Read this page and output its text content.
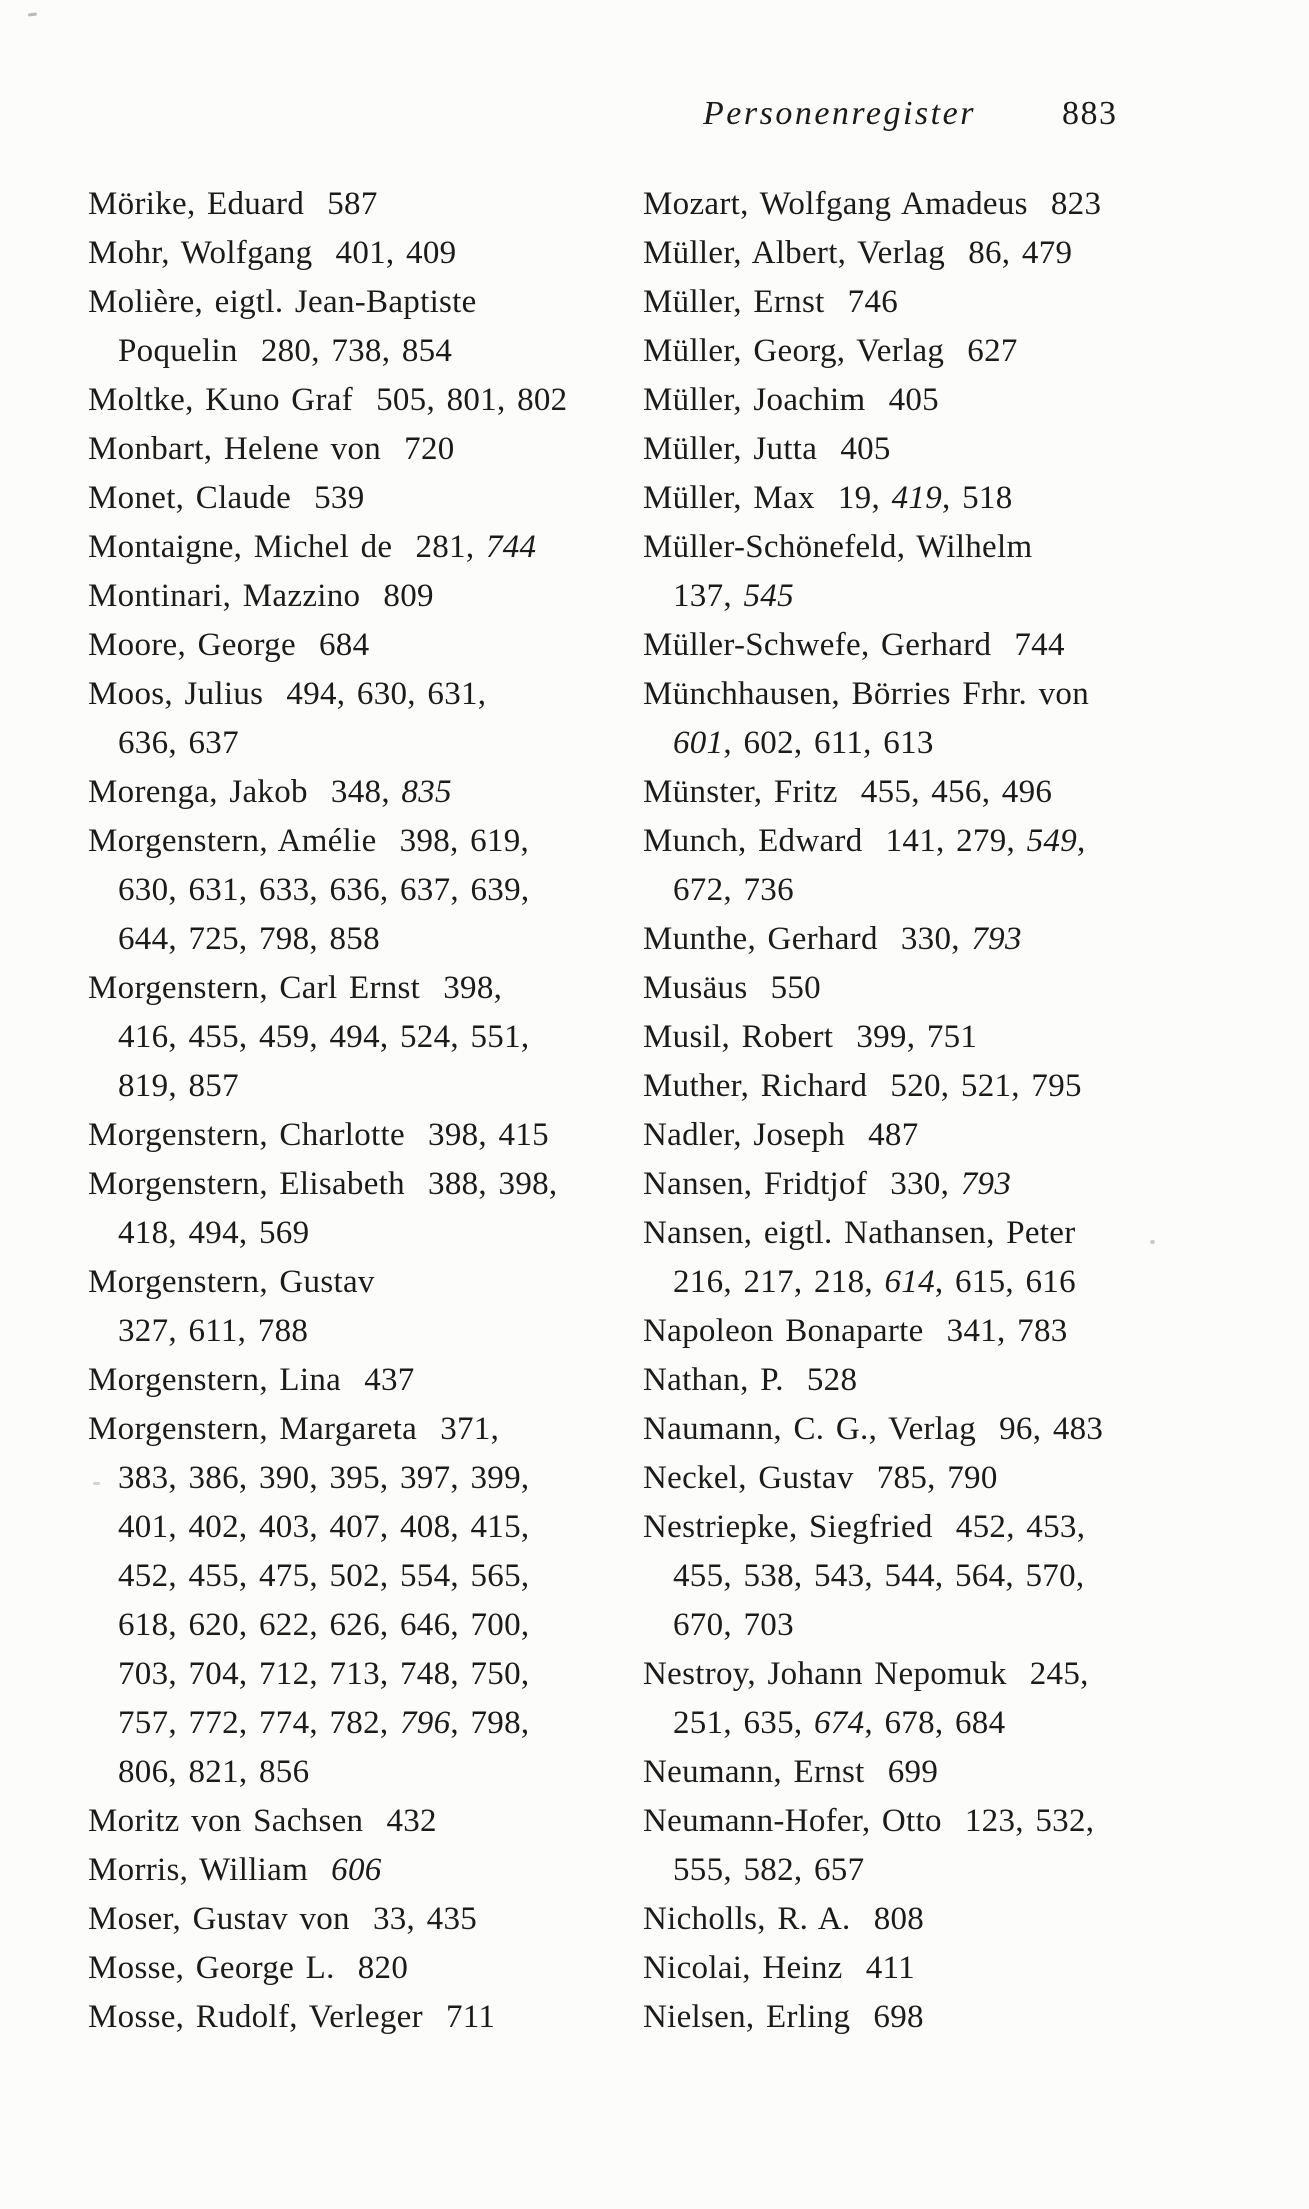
Personenregister	883
Mörike, Eduard  587
Mohr, Wolfgang  401, 409
Molière, eigtl. Jean-Baptiste
Poquelin  280, 738, 854
Moltke, Kuno Graf  505, 801, 802
Monbart, Helene von  720
Monet, Claude  539
Montaigne, Michel de  281, 744
Montinari, Mazzino  809
Moore, George  684
Moos, Julius  494, 630, 631,
636, 637
Morenga, Jakob  348, 835
Morgenstern, Amélie  398, 619,
630, 631, 633, 636, 637, 639,
644, 725, 798, 858
Morgenstern, Carl Ernst  398,
416, 455, 459, 494, 524, 551,
819, 857
Morgenstern, Charlotte  398, 415
Morgenstern, Elisabeth  388, 398,
418, 494, 569
Morgenstern, Gustav
327, 611, 788
Morgenstern, Lina  437
Morgenstern, Margareta  371,
383, 386, 390, 395, 397, 399,
401, 402, 403, 407, 408, 415,
452, 455, 475, 502, 554, 565,
618, 620, 622, 626, 646, 700,
703, 704, 712, 713, 748, 750,
757, 772, 774, 782, 796, 798,
806, 821, 856
Moritz von Sachsen  432
Morris, William  606
Moser, Gustav von  33, 435
Mosse, George L.  820
Mosse, Rudolf, Verleger  711
Mozart, Wolfgang Amadeus  823
Müller, Albert, Verlag  86, 479
Müller, Ernst  746
Müller, Georg, Verlag  627
Müller, Joachim  405
Müller, Jutta  405
Müller, Max  19, 419, 518
Müller-Schönefeld, Wilhelm
137, 545
Müller-Schwefe, Gerhard  744
Münchhausen, Börries Frhr. von
601, 602, 611, 613
Münster, Fritz  455, 456, 496
Munch, Edward  141, 279, 549,
672, 736
Munthe, Gerhard  330, 793
Musäus  550
Musil, Robert  399, 751
Muther, Richard  520, 521, 795
Nadler, Joseph  487
Nansen, Fridtjof  330, 793
Nansen, eigtl. Nathansen, Peter
216, 217, 218, 614, 615, 616
Napoleon Bonaparte  341, 783
Nathan, P.  528
Naumann, C. G., Verlag  96, 483
Neckel, Gustav  785, 790
Nestriepke, Siegfried  452, 453,
455, 538, 543, 544, 564, 570,
670, 703
Nestroy, Johann Nepomuk  245,
251, 635, 674, 678, 684
Neumann, Ernst  699
Neumann-Hofer, Otto  123, 532,
555, 582, 657
Nicholls, R. A.  808
Nicolai, Heinz  411
Nielsen, Erling  698
